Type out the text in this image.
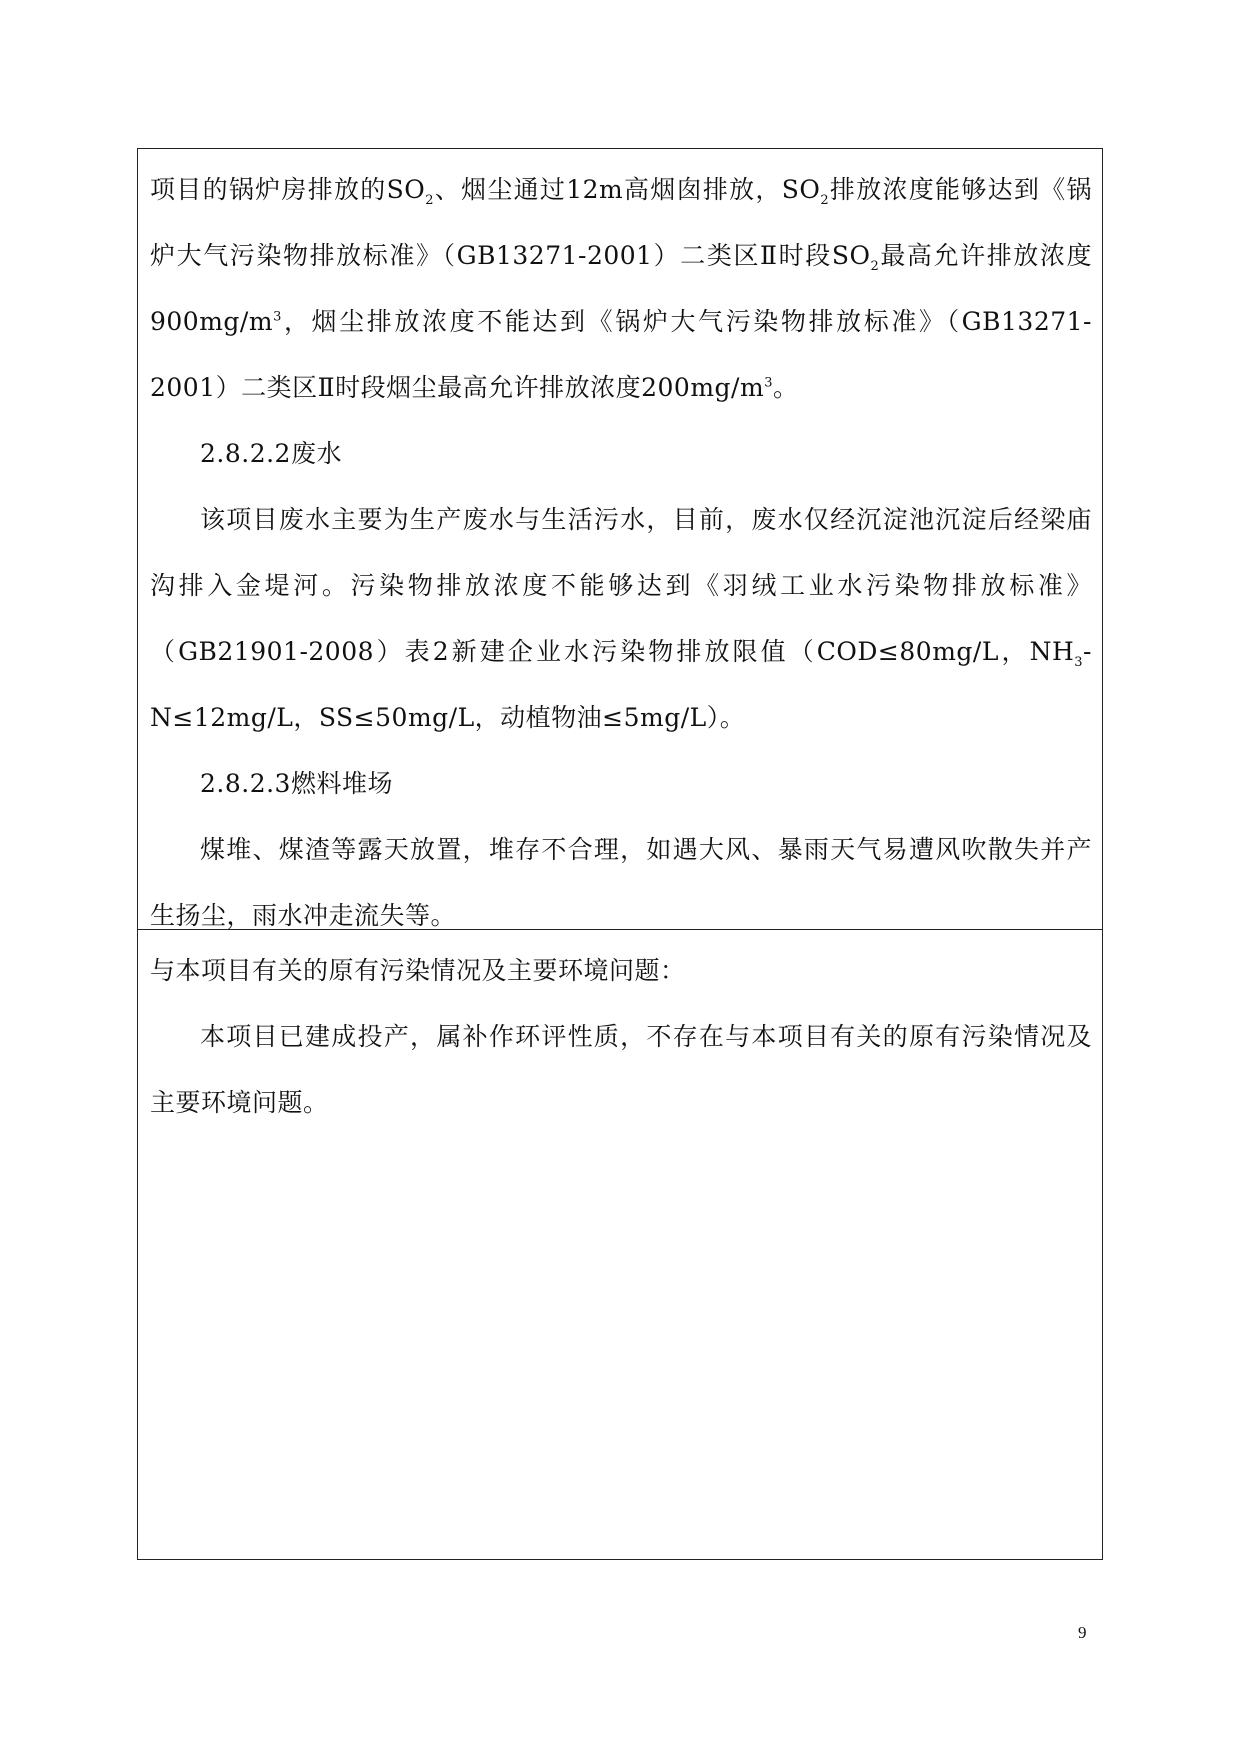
项目的锅炉房排放的$SO_2$、烟尘通过12m高烟囱排放，$SO_2$排放浓度能够达到《锅炉大气污染物排放标准》（GB13271-2001）二类区Ⅱ时段$SO_2$最高允许排放浓度$900mg/m^3$，烟尘排放浓度不能达到《锅炉大气污染物排放标准》（GB13271-2001）二类区Ⅱ时段烟尘最高允许排放浓度$200mg/m^3$。

2.8.2.2废水

该项目废水主要为生产废水与生活污水，目前，废水仅经沉淀池沉淀后经梁庙沟排入金堤河。污染物排放浓度不能够达到《羽绒工业水污染物排放标准》（GB21901-2008）表2新建企业水污染物排放限值（COD≤80mg/L，$NH_3-N\le 12mg/L$，SS≤50mg/L，动植物油≤5mg/L）。

2.8.2.3燃料堆场

煤堆、煤渣等露天放置，堆存不合理，如遇大风、暴雨天气易遭风吹散失并产生扬尘，雨水冲走流失等。

与本项目有关的原有污染情况及主要环境问题：

本项目已建成投产，属补作环评性质，不存在与本项目有关的原有污染情况及主要环境问题。

9
